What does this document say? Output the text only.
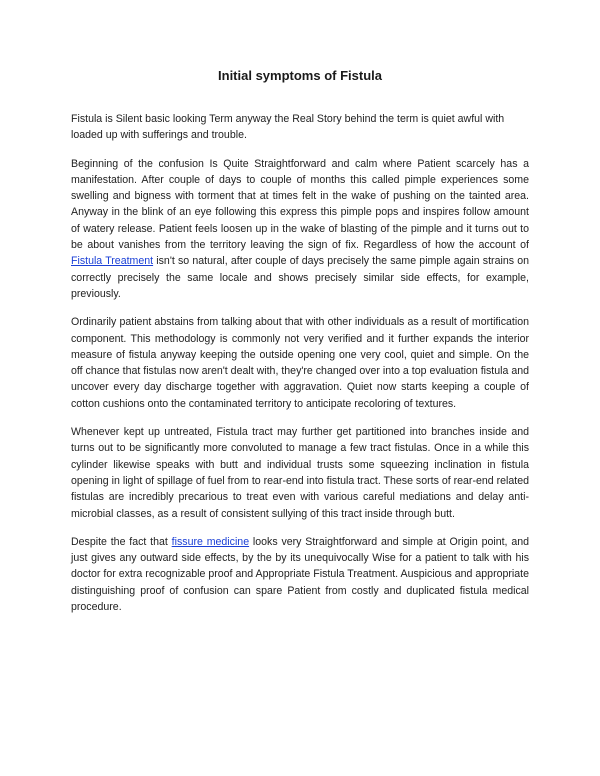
Initial symptoms of Fistula

Fistula is Silent basic looking Term anyway the Real Story behind the term is quiet awful with loaded up with sufferings and trouble.

Beginning of the confusion Is Quite Straightforward and calm where Patient scarcely has a manifestation. After couple of days to couple of months this called pimple experiences some swelling and bigness with torment that at times felt in the wake of pushing on the tainted area. Anyway in the blink of an eye following this express this pimple pops and inspires follow amount of watery release. Patient feels loosen up in the wake of blasting of the pimple and it turns out to be about vanishes from the territory leaving the sign of fix. Regardless of how the account of Fistula Treatment isn't so natural, after couple of days precisely the same pimple again strains on correctly precisely the same locale and shows precisely similar side effects, for example, previously.

Ordinarily patient abstains from talking about that with other individuals as a result of mortification component. This methodology is commonly not very verified and it further expands the interior measure of fistula anyway keeping the outside opening one very cool, quiet and simple. On the off chance that fistulas now aren't dealt with, they're changed over into a top evaluation fistula and uncover every day discharge together with aggravation. Quiet now starts keeping a couple of cotton cushions onto the contaminated territory to anticipate recoloring of textures.

Whenever kept up untreated, Fistula tract may further get partitioned into branches inside and turns out to be significantly more convoluted to manage a few tract fistulas. Once in a while this cylinder likewise speaks with butt and individual trusts some squeezing inclination in fistula opening in light of spillage of fuel from to rear-end into fistula tract. These sorts of rear-end related fistulas are incredibly precarious to treat even with various careful mediations and delay anti-microbial classes, as a result of consistent sullying of this tract inside through butt.

Despite the fact that fissure medicine looks very Straightforward and simple at Origin point, and just gives any outward side effects, by the by its unequivocally Wise for a patient to talk with his doctor for extra recognizable proof and Appropriate Fistula Treatment. Auspicious and appropriate distinguishing proof of confusion can spare Patient from costly and duplicated fistula medical procedure.
